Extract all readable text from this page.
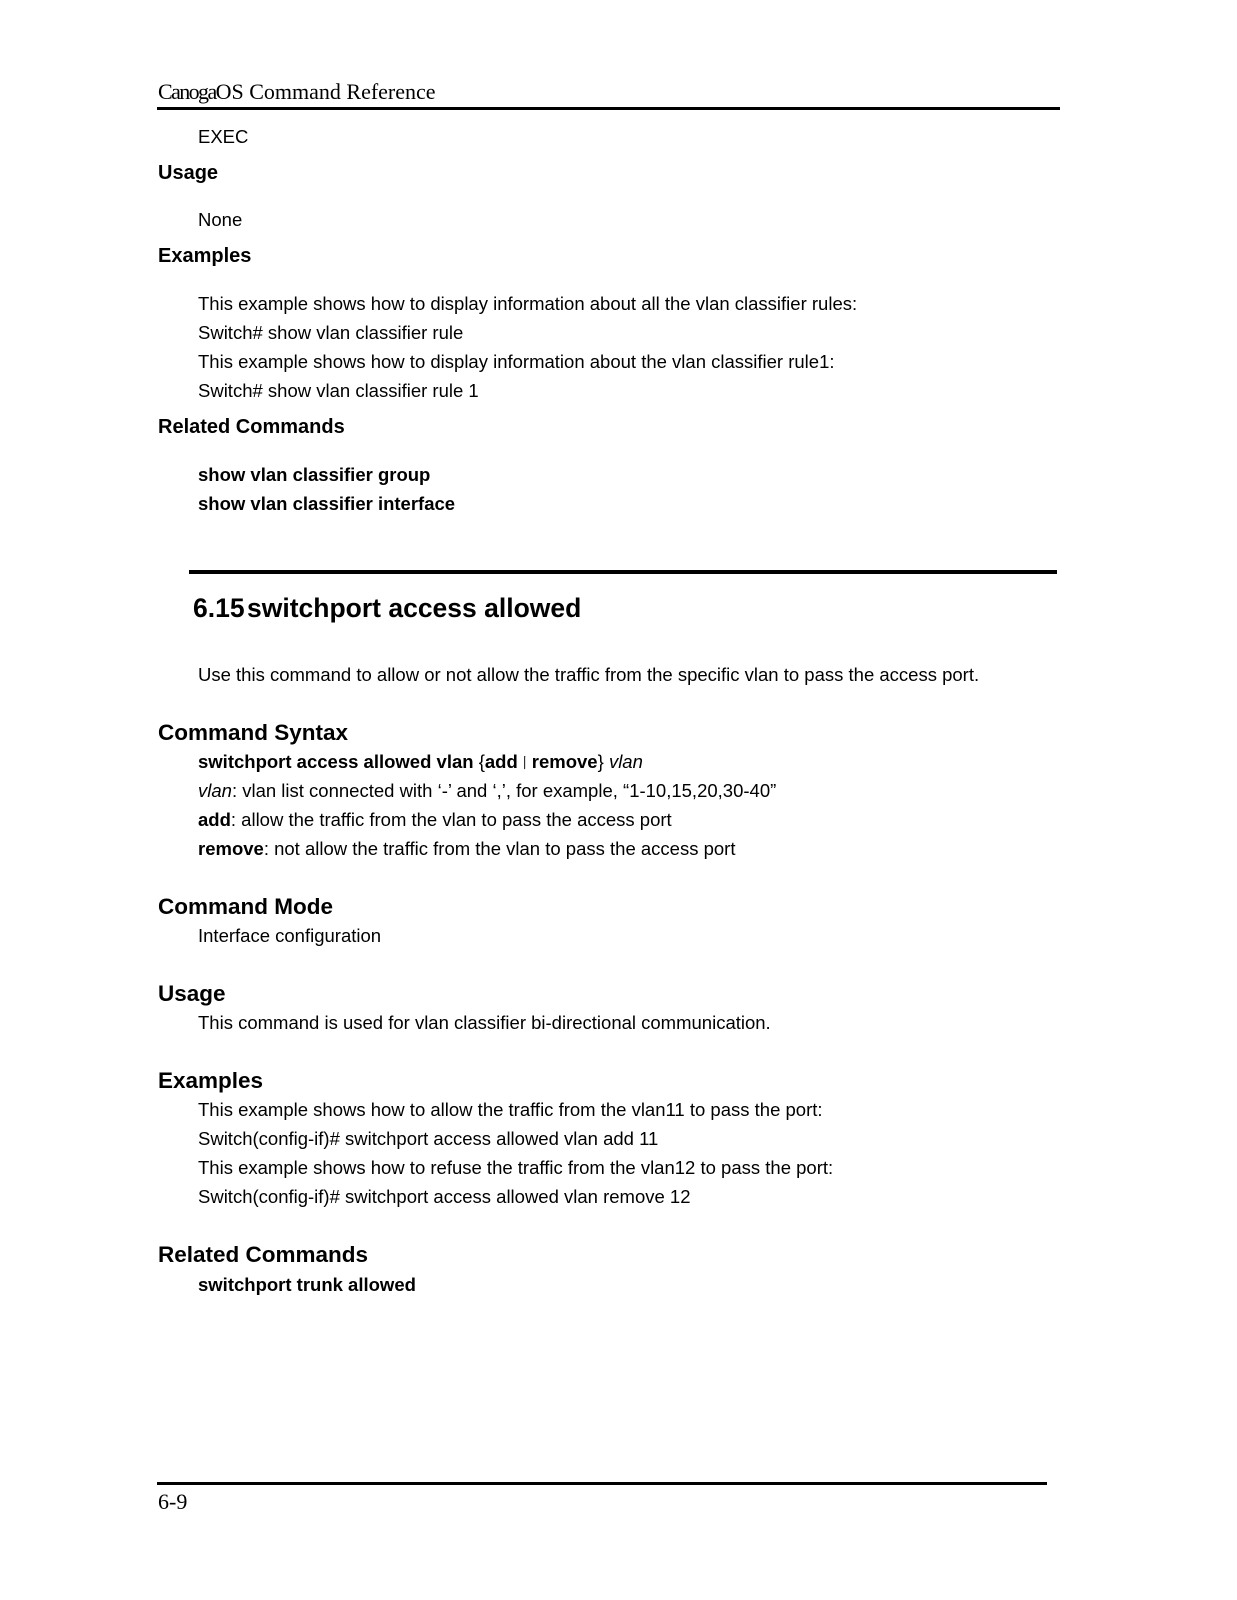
CanogaOS Command Reference
EXEC
Usage
None
Examples
This example shows how to display information about all the vlan classifier rules:
Switch# show vlan classifier rule
This example shows how to display information about the vlan classifier rule1:
Switch# show vlan classifier rule 1
Related Commands
show vlan classifier group
show vlan classifier interface
6.15switchport access allowed
Use this command to allow or not allow the traffic from the specific vlan to pass the access port.
Command Syntax
switchport access allowed vlan {add丨remove} vlan
vlan: vlan list connected with ‘-’ and ‘,’, for example, “1-10,15,20,30-40”
add: allow the traffic from the vlan to pass the access port
remove: not allow the traffic from the vlan to pass the access port
Command Mode
Interface configuration
Usage
This command is used for vlan classifier bi-directional communication.
Examples
This example shows how to allow the traffic from the vlan11 to pass the port:
Switch(config-if)# switchport access allowed vlan add 11
This example shows how to refuse the traffic from the vlan12 to pass the port:
Switch(config-if)# switchport access allowed vlan remove 12
Related Commands
switchport trunk allowed
6-9
